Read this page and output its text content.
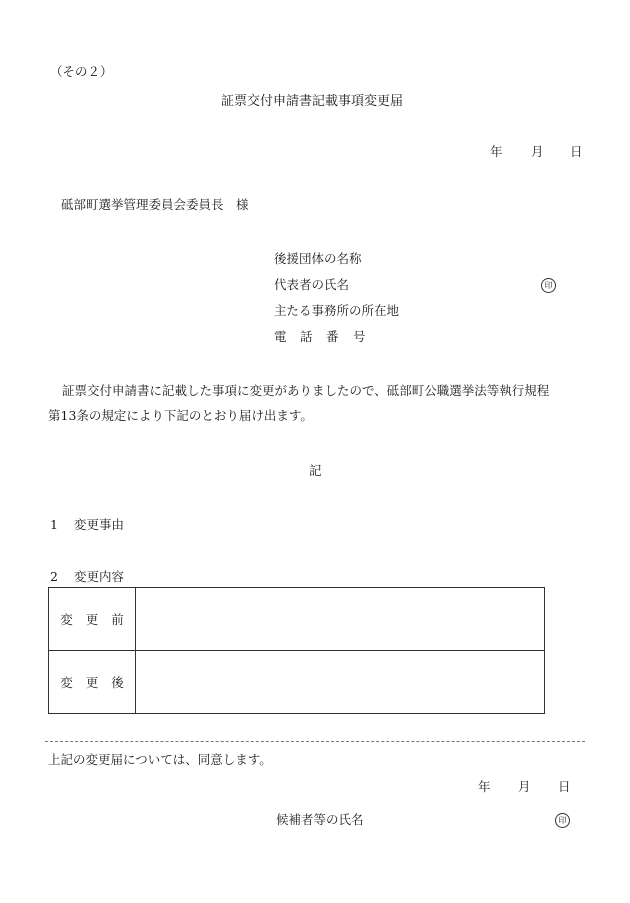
（その２）
証票交付申請書記載事項変更届
年 月 日
砥部町選挙管理委員会委員長　様
後援団体の名称
代表者の氏名	印
主たる事務所の所在地
電 話 番 号
証票交付申請書に記載した事項に変更がありましたので、砥部町公職選挙法等執行規程
第13条の規定により下記のとおり届け出ます。
記
1 変更事由
2 変更内容
変 更 前	
変 更 後	
上記の変更届については、同意します。
年 月 日
候補者等の氏名	印
